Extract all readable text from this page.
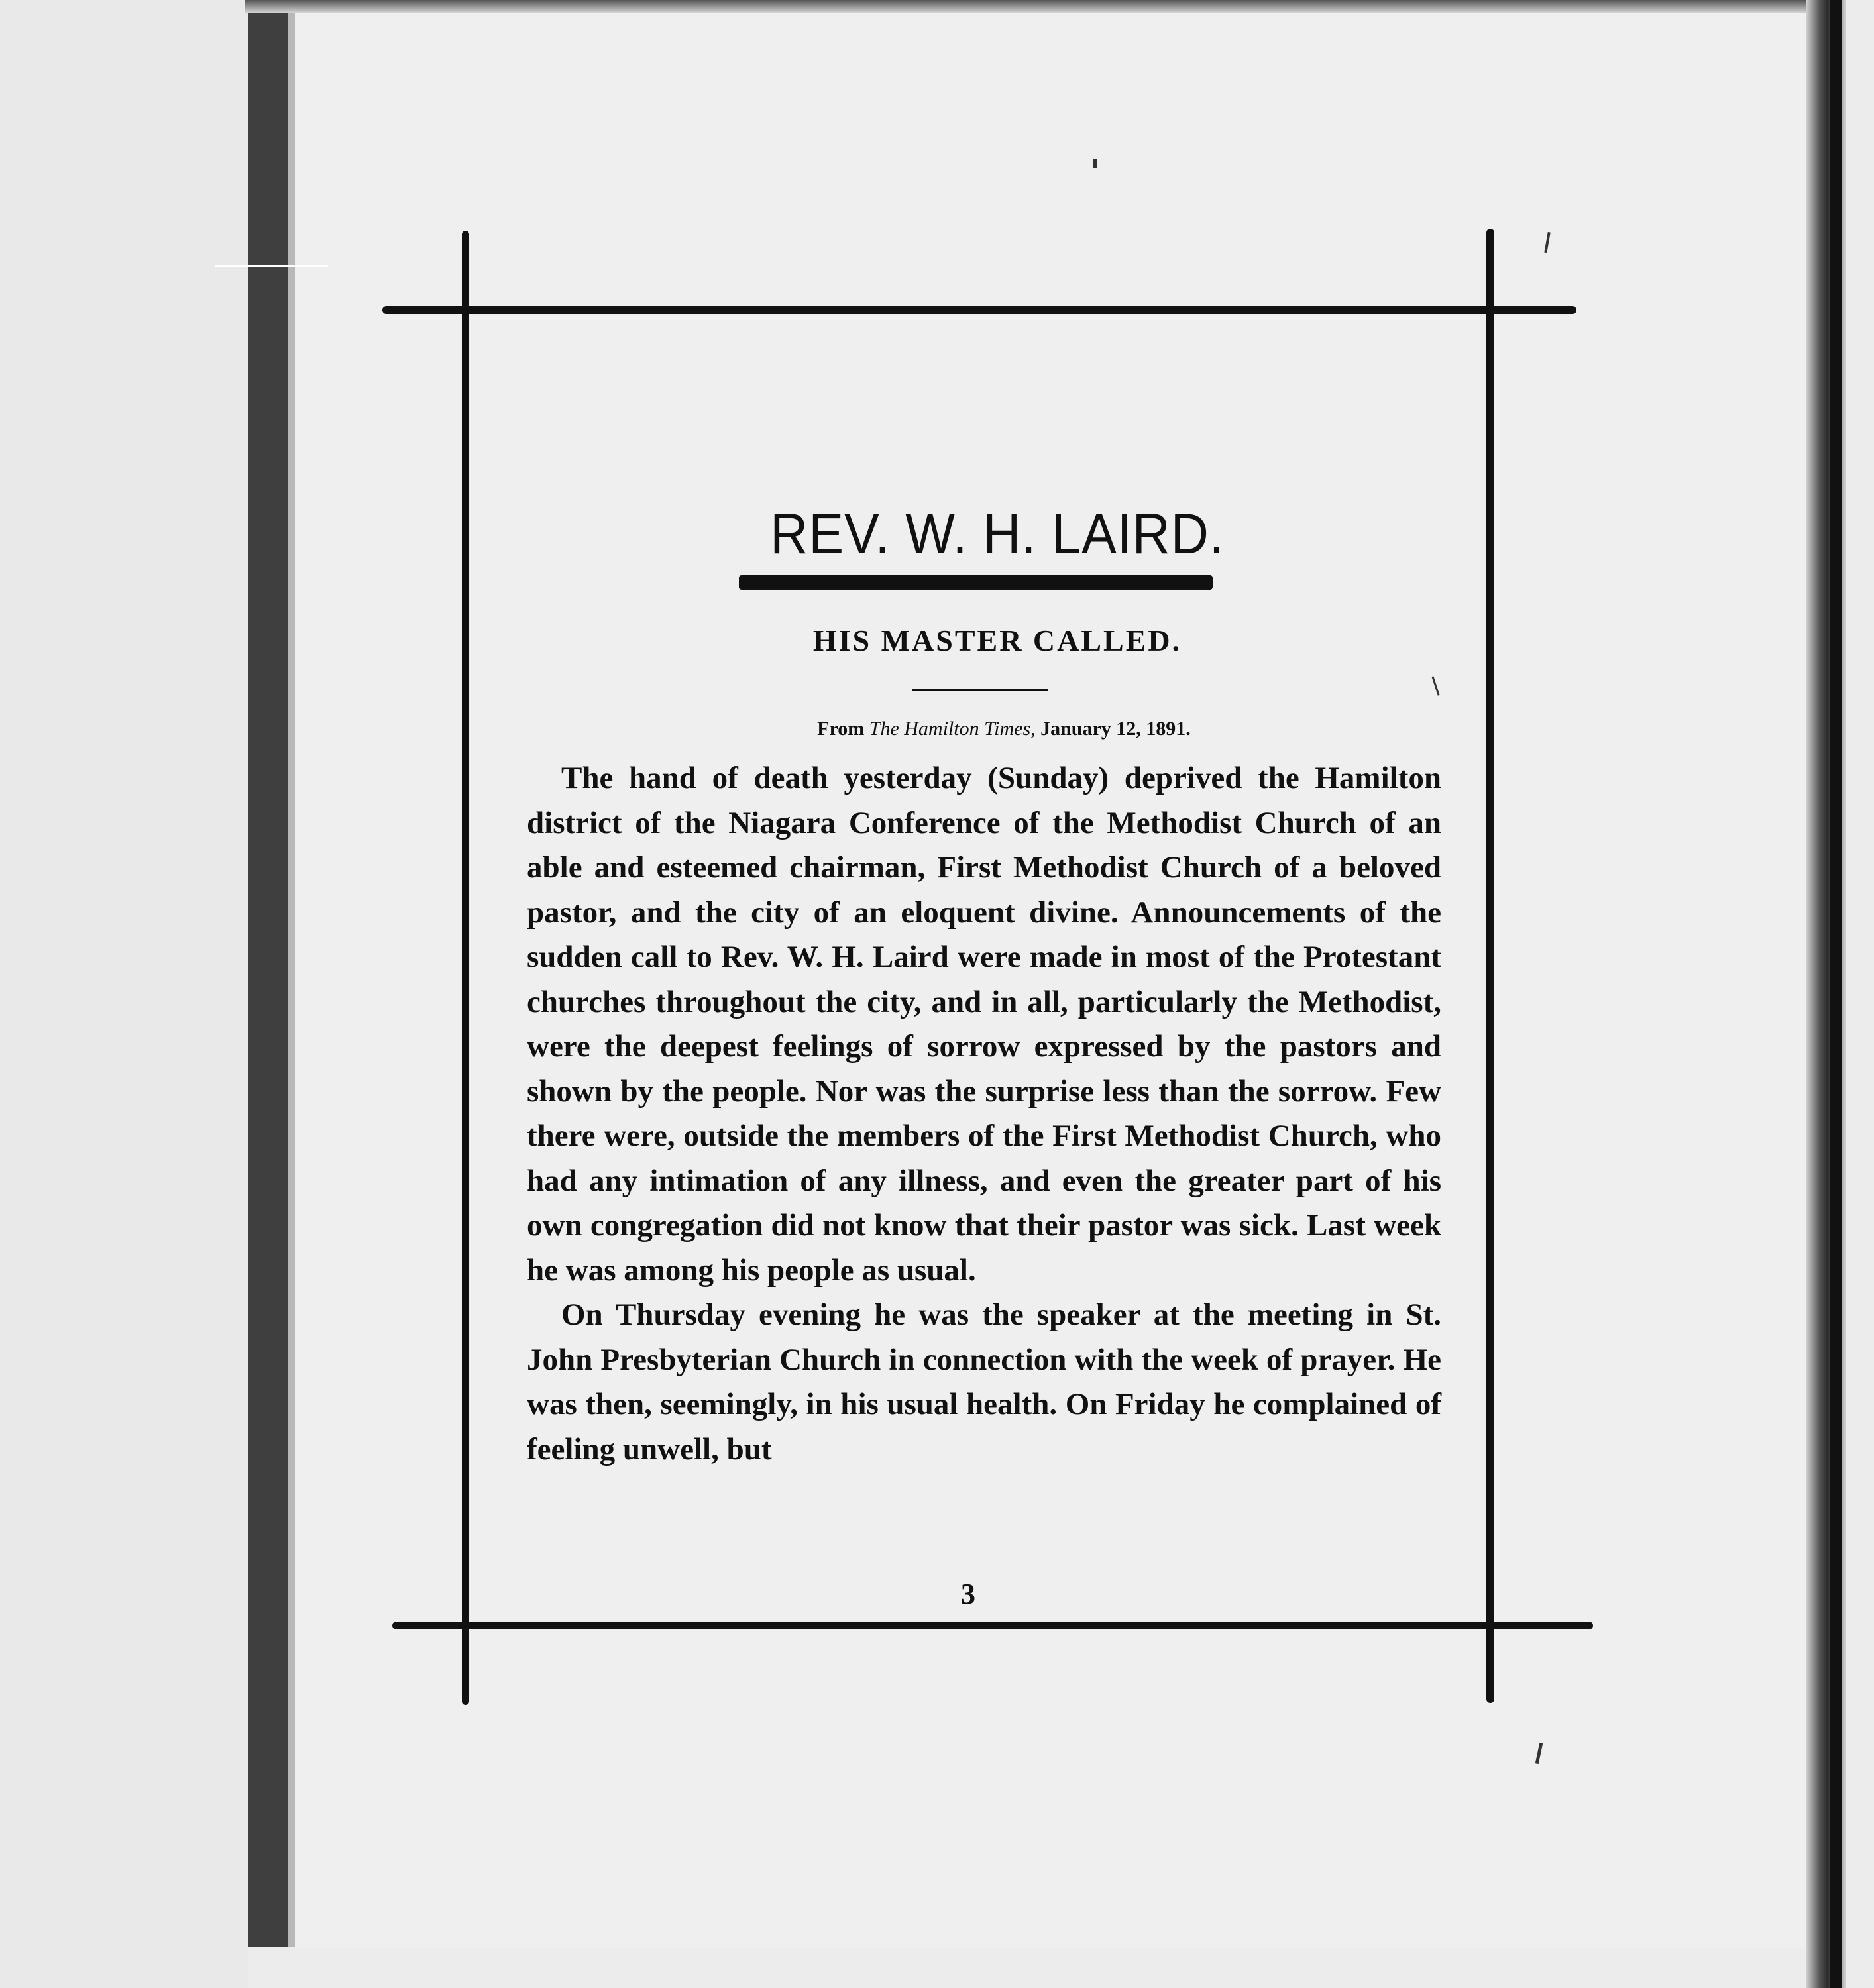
REV. W. H. LAIRD.
HIS MASTER CALLED.
From The Hamilton Times, January 12, 1891.

The hand of death yesterday (Sunday) deprived the Hamilton district of the Niagara Conference of the Methodist Church of an able and esteemed chairman, First Methodist Church of a beloved pastor, and the city of an eloquent divine. Announcements of the sudden call to Rev. W. H. Laird were made in most of the Protestant churches throughout the city, and in all, particularly the Methodist, were the deepest feelings of sorrow expressed by the pastors and shown by the people. Nor was the surprise less than the sorrow. Few there were, outside the members of the First Methodist Church, who had any intimation of any illness, and even the greater part of his own congregation did not know that their pastor was sick. Last week he was among his people as usual.

On Thursday evening he was the speaker at the meeting in St. John Presbyterian Church in connection with the week of prayer. He was then, seemingly, in his usual health. On Friday he complained of feeling unwell, but

3
